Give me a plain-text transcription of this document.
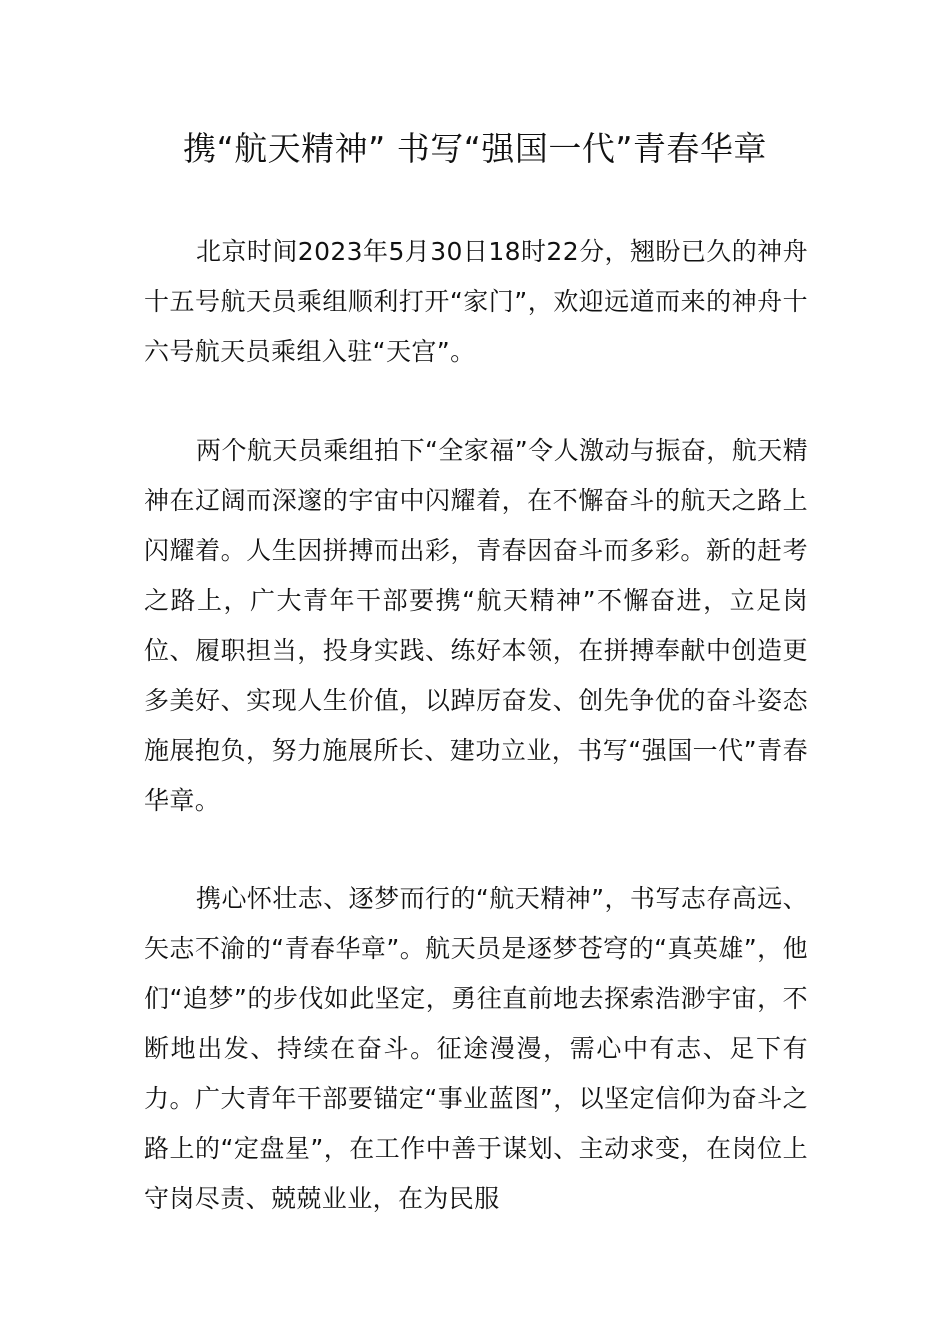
携“航天精神” 书写“强国一代”青春华章

北京时间2023年5月30日18时22分，翘盼已久的神舟十五号航天员乘组顺利打开“家门”，欢迎远道而来的神舟十六号航天员乘组入驻“天宫”。

两个航天员乘组拍下“全家福”令人激动与振奋，航天精神在辽阔而深邃的宇宙中闪耀着，在不懈奋斗的航天之路上闪耀着。人生因拼搏而出彩，青春因奋斗而多彩。新的赶考之路上，广大青年干部要携“航天精神”不懈奋进，立足岗位、履职担当，投身实践、练好本领，在拼搏奉献中创造更多美好、实现人生价值，以踔厉奋发、创先争优的奋斗姿态施展抱负，努力施展所长、建功立业，书写“强国一代”青春华章。

携心怀壮志、逐梦而行的“航天精神”，书写志存高远、矢志不渝的“青春华章”。航天员是逐梦苍穹的“真英雄”，他们“追梦”的步伐如此坚定，勇往直前地去探索浩渺宇宙，不断地出发、持续在奋斗。征途漫漫，需心中有志、足下有力。广大青年干部要锚定“事业蓝图”，以坚定信仰为奋斗之路上的“定盘星”，在工作中善于谋划、主动求变，在岗位上守岗尽责、兢兢业业，在为民服
